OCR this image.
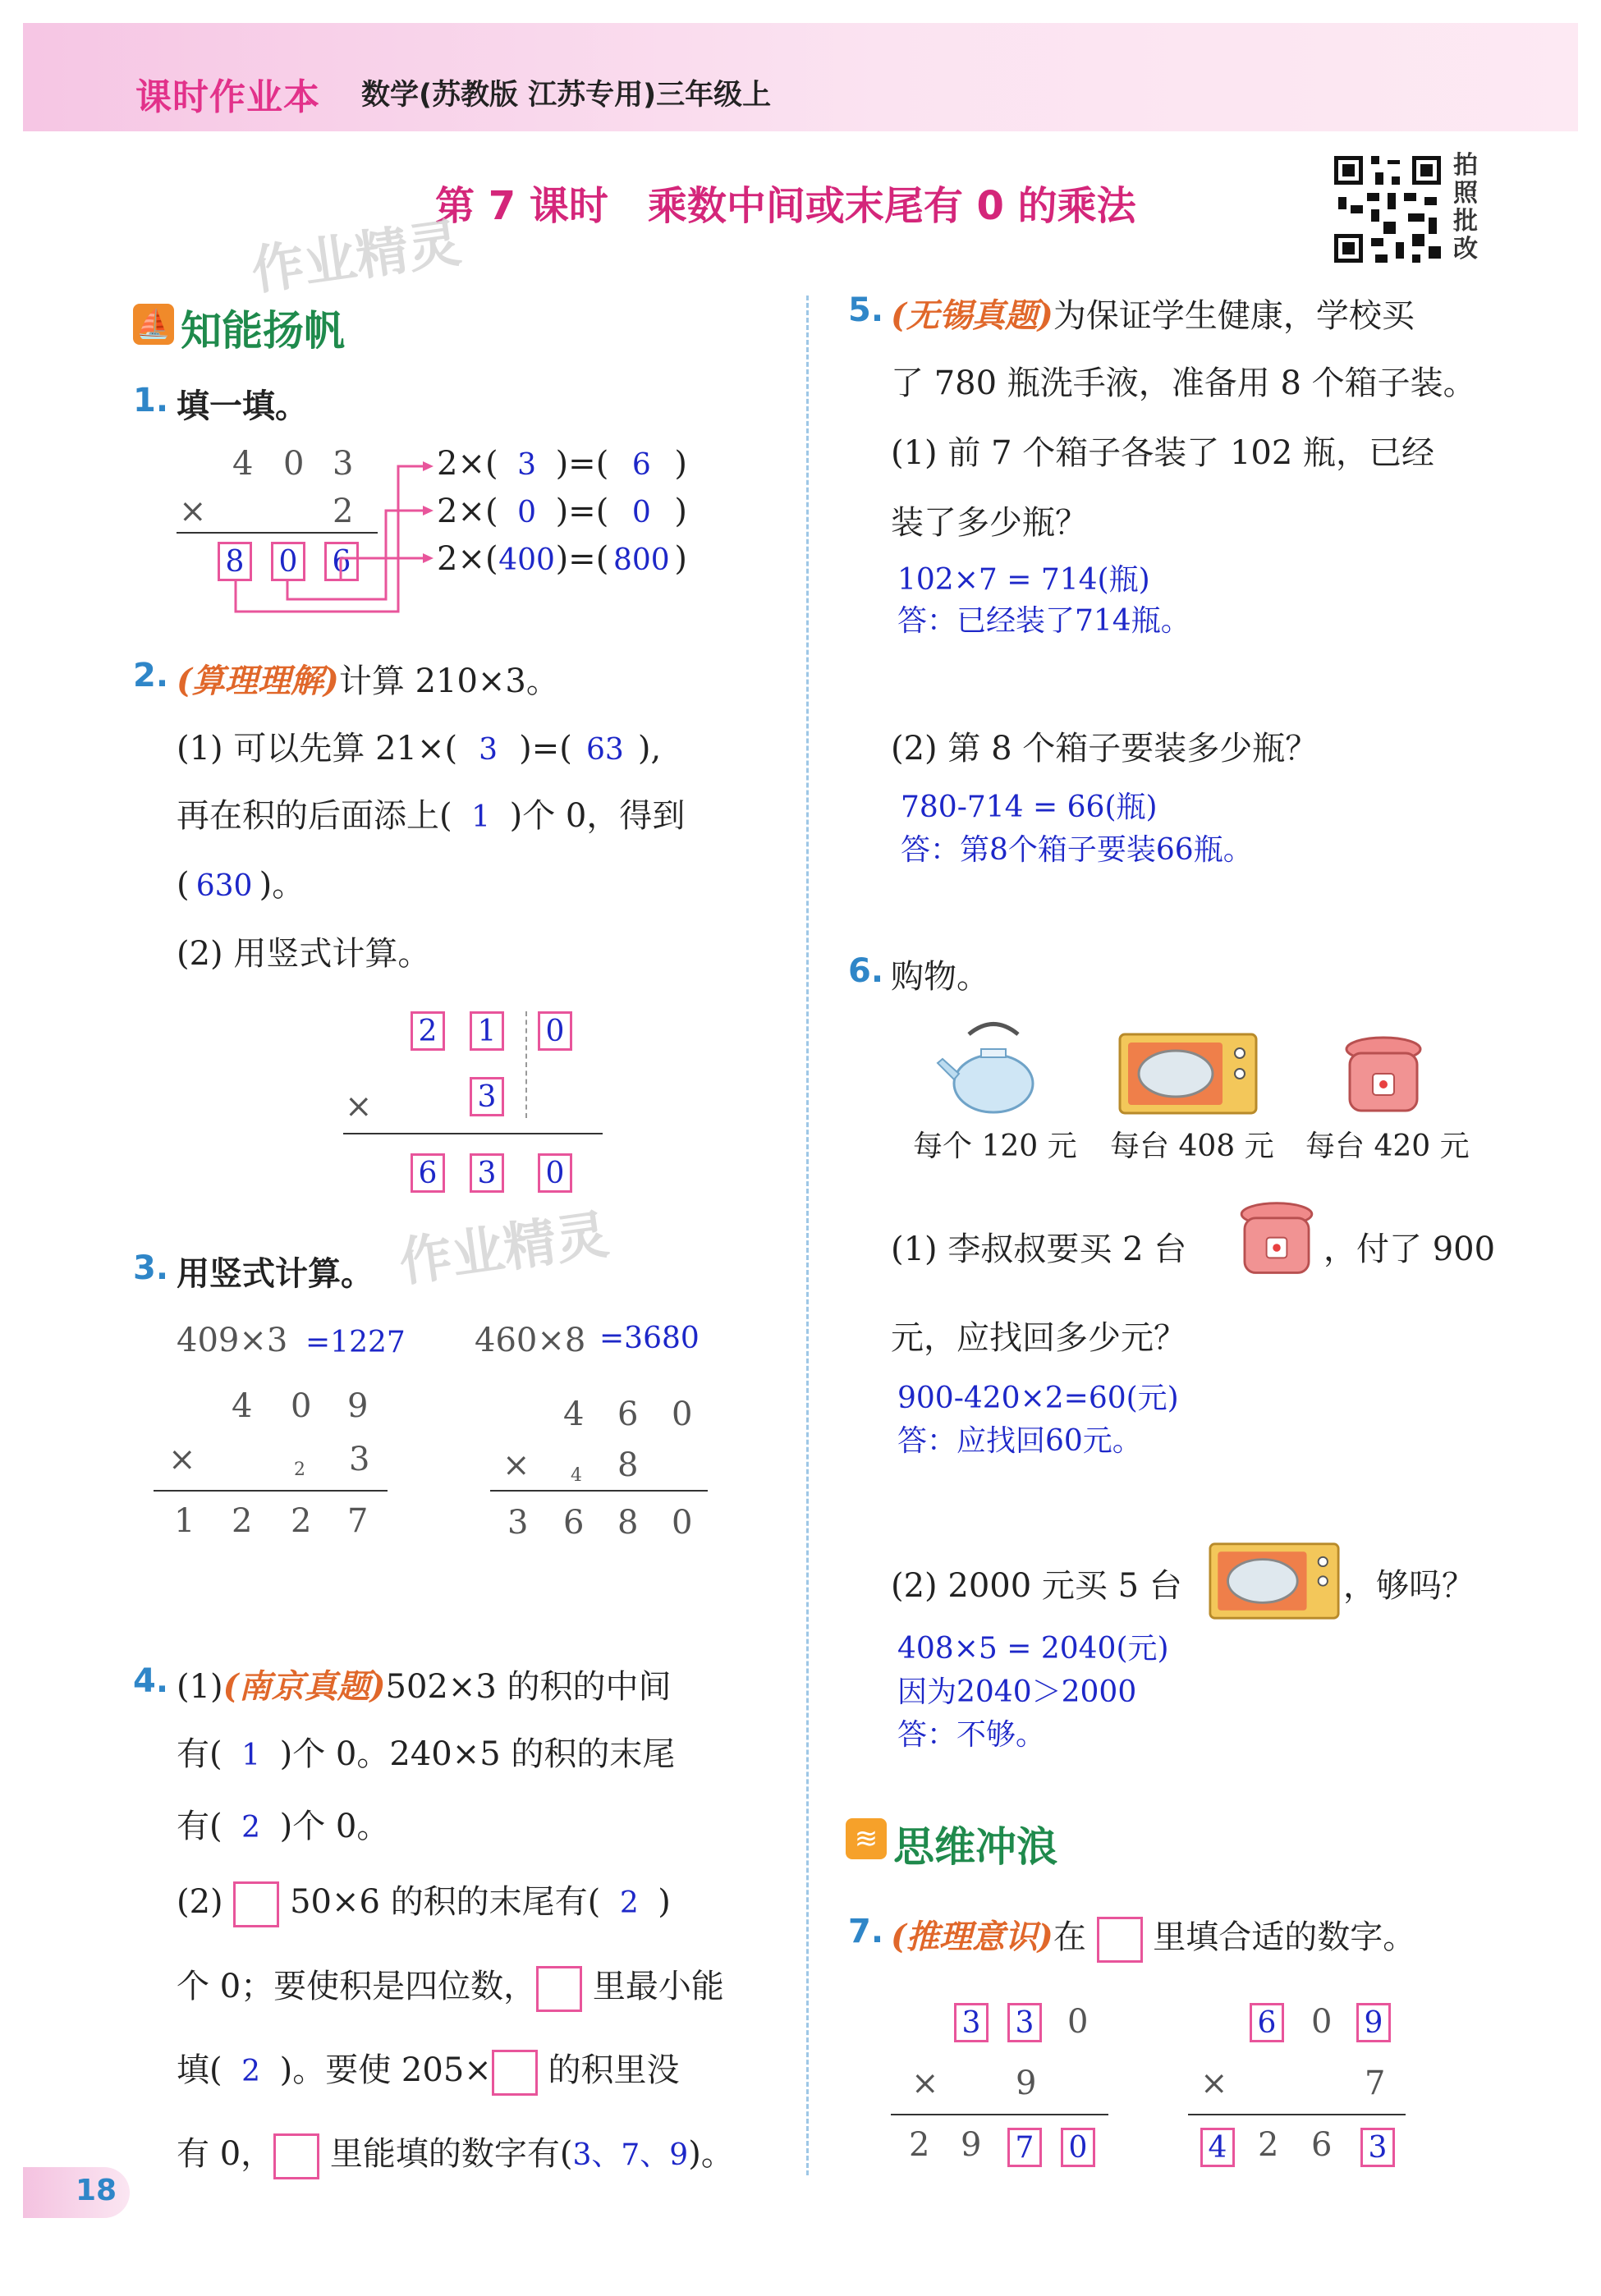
课时作业本 数学(苏教版 江苏专用)三年级上
第 7 课时　乘数中间或末尾有 0 的乘法
拍照批改
作业精灵
作业精灵
⛵ 知能扬帆
1. 填一填。
4 0 3
×	2
8 0 6
2×( 3 )=( 6 )
2×( 0 )=( 0 )
2×(400)=( 800 )
2. (算理理解)计算 210×3。
(1) 可以先算 21×( 3 )=( 63 ),
再在积的后面添上( 1 )个 0，得到
( 630 )。
(2) 用竖式计算。
2 1 0
×	3
6 3 0
3. 用竖式计算。
409×3 =1227 460×8 =3680
4 0 9
×	2 3
1 2 2 7
4 6 0
× 4 8
3 6 8 0
4. (1)(南京真题)502×3 的积的中间
有( 1 )个 0。240×5 的积的末尾
有( 2 )个 0。
(2) 50×6 的积的末尾有( 2 )
个 0；要使积是四位数， 里最小能
填( 2 )。要使 205× 的积里没
有 0， 里能填的数字有(3、7、9)。
5. (无锡真题)为保证学生健康，学校买
了 780 瓶洗手液，准备用 8 个箱子装。
(1) 前 7 个箱子各装了 102 瓶，已经
装了多少瓶？
102×7 = 714(瓶)
答：已经装了714瓶。
(2) 第 8 个箱子要装多少瓶？
780-714 = 66(瓶)
答：第8个箱子要装66瓶。
6. 购物。
每个 120 元 每台 408 元 每台 420 元
(1) 李叔叔要买 2 台	，付了 900
元，应找回多少元？
900-420×2=60(元)
答：应找回60元。
(2) 2000 元买 5 台	，够吗？
408×5 = 2040(元)
因为2040＞2000
答：不够。
≋ 思维冲浪
7. (推理意识)在 里填合适的数字。
3 3 0
× 9
2 9 7 0
6 0 9
×	7
4 2 6 3
18
